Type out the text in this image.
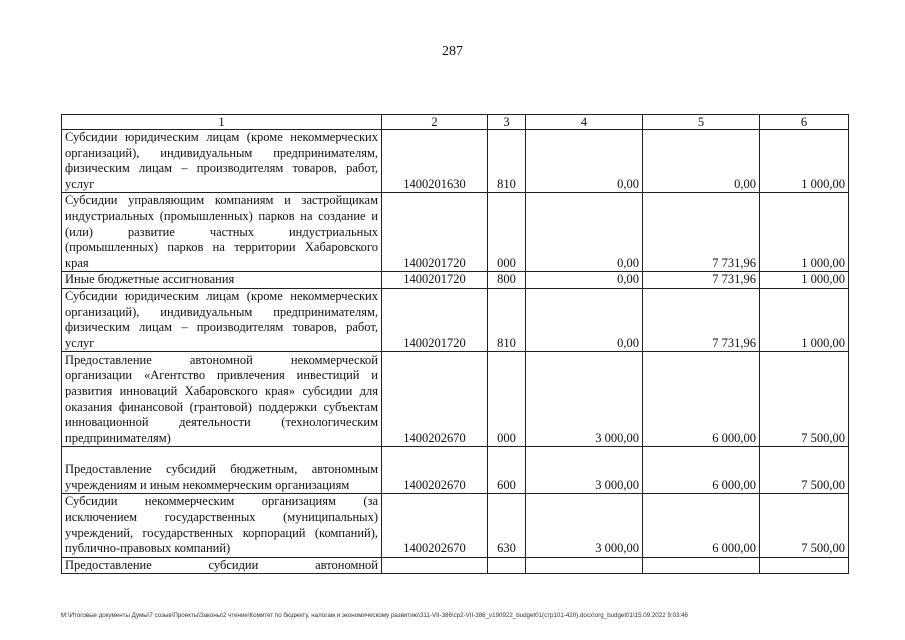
287
1	2	3	4	5	6
Субсидии юридическим лицам (кроме некоммерческих организаций), индивидуальным предпринимателям, физическим лицам – производителям товаров, работ, услуг	1400201630	810	0,00	0,00	1 000,00
Субсидии управляющим компаниям и застройщикам индустриальных (промышленных) парков на создание и (или) развитие частных индустриальных (промышленных) парков на территории Хабаровского края	1400201720	000	0,00	7 731,96	1 000,00
Иные бюджетные ассигнования	1400201720	800	0,00	7 731,96	1 000,00
Субсидии юридическим лицам (кроме некоммерческих организаций), индивидуальным предпринимателям, физическим лицам – производителям товаров, работ, услуг	1400201720	810	0,00	7 731,96	1 000,00
Предоставление автономной некоммерческой организации «Агентство привлечения инвестиций и развития инноваций Хабаровского края» субсидии для оказания финансовой (грантовой) поддержки субъектам инновационной деятельности (технологическим предпринимателям)	1400202670	000	3 000,00	6 000,00	7 500,00
Предоставление субсидий бюджетным, автономным учреждениям и иным некоммерческим организациям	1400202670	600	3 000,00	6 000,00	7 500,00
Субсидии некоммерческим организациям (за исключением государственных (муниципальных) учреждений, государственных корпораций (компаний), публично-правовых компаний)	1400202670	630	3 000,00	6 000,00	7 500,00
Предоставление субсидии автономной					
M:\Итоговые документы Думы\7 созыв\Проекты\Законы\2 чтение\Комитет по бюджету, налогам и экономическому развитию\311-VII-386\cp2-VII-386_v190922_budget01(стр101-420).docx\org_budget01\15.09.2022 9:03:46
